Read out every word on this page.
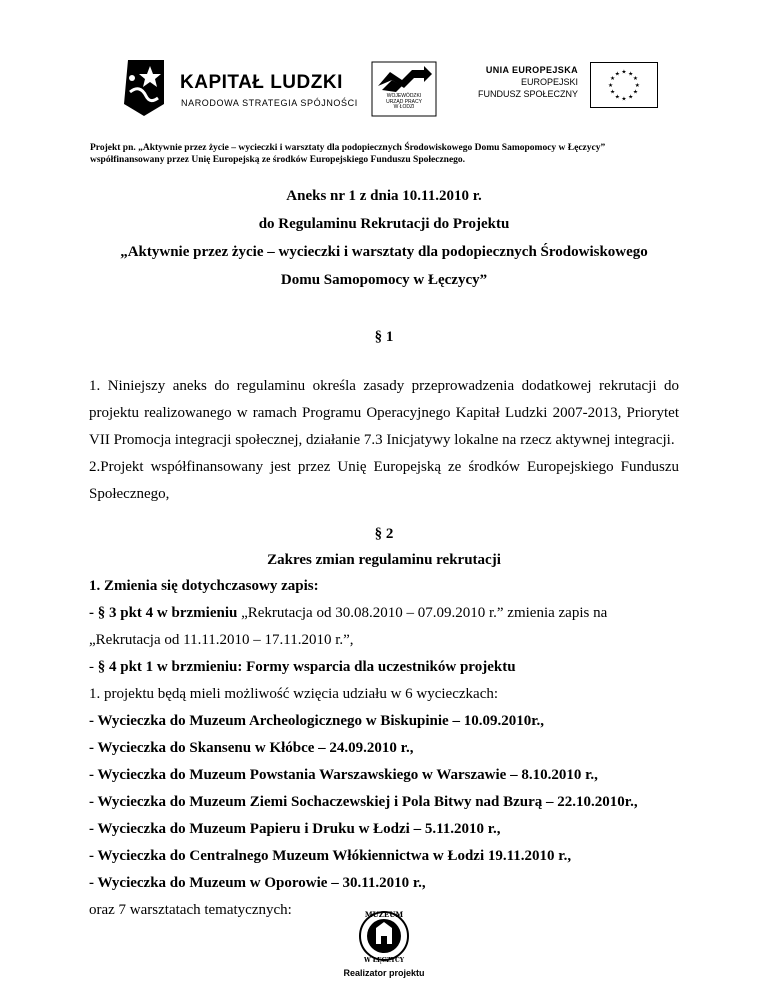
KAPITAŁ LUDZKI
NARODOWA STRATEGIA SPÓJNOŚCI
WOJEWÓDZKI
URZĄD PRACY
W ŁODZI
UNIA EUROPEJSKA
EUROPEJSKI
FUNDUSZ SPOŁECZNY
★ ★
★
★
★
★
★
★
★
★
★
★
Projekt pn. „Aktywnie przez życie – wycieczki i warsztaty dla podopiecznych Środowiskowego Domu Samopomocy w Łęczycy”
współfinansowany przez Unię Europejską ze środków Europejskiego Funduszu Społecznego.
Aneks nr 1 z dnia 10.11.2010 r.
do Regulaminu Rekrutacji do Projektu
„Aktywnie przez życie – wycieczki i warsztaty dla podopiecznych Środowiskowego
Domu Samopomocy w Łęczycy”
§ 1
1. Niniejszy aneks do regulaminu określa zasady przeprowadzenia dodatkowej rekrutacji do projektu realizowanego w ramach Programu Operacyjnego Kapitał Ludzki 2007-2013, Priorytet VII Promocja integracji społecznej, działanie 7.3 Inicjatywy lokalne na rzecz aktywnej integracji.
2.Projekt współfinansowany jest przez Unię Europejską ze środków Europejskiego Funduszu Społecznego,
§ 2
Zakres zmian regulaminu rekrutacji
1. Zmienia się dotychczasowy zapis:
- § 3 pkt 4 w brzmieniu „Rekrutacja od 30.08.2010 – 07.09.2010 r.” zmienia zapis na
„Rekrutacja od 11.11.2010 – 17.11.2010 r.”,
- § 4 pkt 1 w brzmieniu: Formy wsparcia dla uczestników projektu
1. projektu będą mieli możliwość wzięcia udziału w 6 wycieczkach:
- Wycieczka do Muzeum Archeologicznego w Biskupinie – 10.09.2010r.,
- Wycieczka do Skansenu w Kłóbce – 24.09.2010 r.,
- Wycieczka do Muzeum Powstania Warszawskiego w Warszawie – 8.10.2010 r.,
- Wycieczka do Muzeum Ziemi Sochaczewskiej i Pola Bitwy nad Bzurą – 22.10.2010r.,
- Wycieczka do Muzeum Papieru i Druku w Łodzi – 5.11.2010 r.,
- Wycieczka do Centralnego Muzeum Włókiennictwa w Łodzi 19.11.2010 r.,
- Wycieczka do Muzeum w Oporowie – 30.11.2010 r.,
oraz 7 warsztatach tematycznych:	MUZEUM
W ŁĘCZYCY
Realizator projektu
